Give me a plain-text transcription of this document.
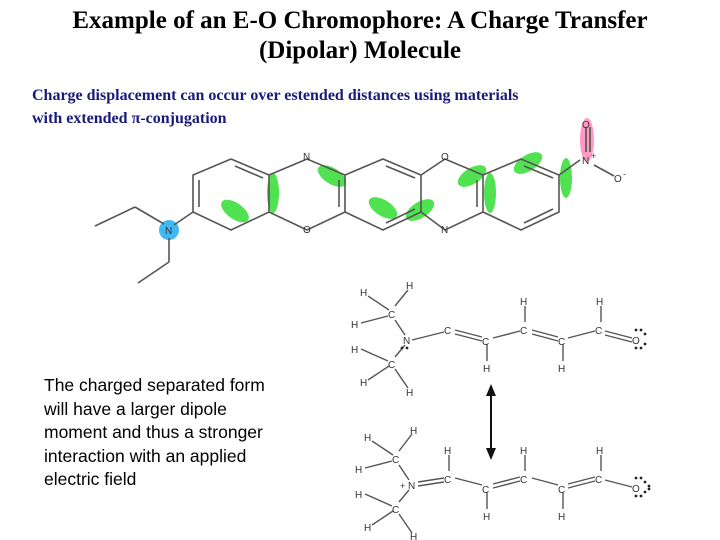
Example of an E-O Chromophore: A Charge Transfer
(Dipolar) Molecule
Charge displacement can occur over estended distances using materials
with extended π-conjugation
The charged separated form
will have a larger dipole
moment and thus a stronger
interaction with an applied
electric field
N	O
O	N
N
O
N +
O -
H
H
H
H
H
H
C
C
N
C
C
C
C
C
H
H
H
H
O
H
H
H
H
H
H
C
C
+ N
C
C
C
C
C
H
H
H
H
H
O
